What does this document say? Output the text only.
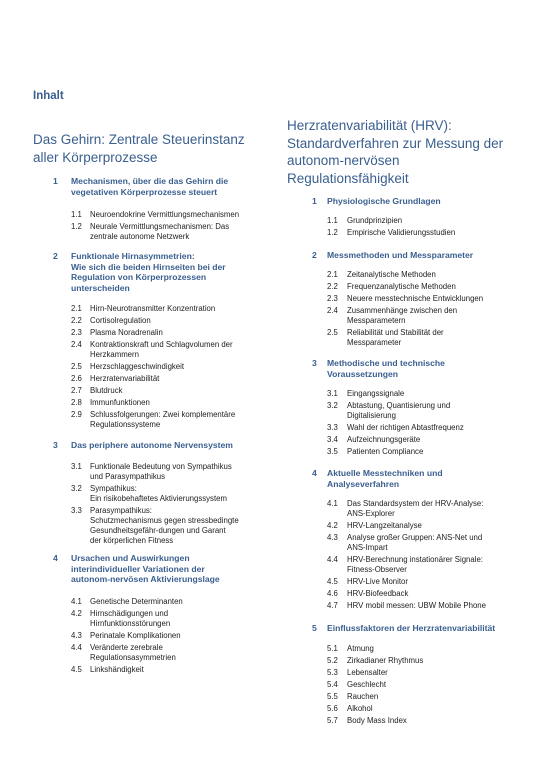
Inhalt
Das Gehirn: Zentrale Steuerinstanz aller Körperprozesse
1 Mechanismen, über die das Gehirn die
vegetativen Körperprozesse steuert
1.1 Neuroendokrine Vermittlungsmechanismen
1.2 Neurale Vermittlungsmechanismen: Das
zentrale autonome Netzwerk
2 Funktionale Hirnasymmetrien:
Wie sich die beiden Hirnseiten bei der
Regulation von Körperprozessen
unterscheiden
2.1 Hirn-Neurotransmitter Konzentration
2.2 Cortisolregulation
2.3 Plasma Noradrenalin
2.4 Kontraktionskraft und Schlagvolumen der
Herzkammern
2.5 Herzschlaggeschwindigkeit
2.6 Herzratenvariabilität
2.7 Blutdruck
2.8 Immunfunktionen
2.9 Schlussfolgerungen: Zwei komplementäre
Regulationssysteme
3 Das periphere autonome Nervensystem
3.1 Funktionale Bedeutung von Sympathikus
und Parasympathikus
3.2 Sympathikus:
Ein risikobehaftetes Aktivierungssystem
3.3 Parasympathikus:
Schutzmechanismus gegen stressbedingte
Gesundheitsgefähr-dungen und Garant
der körperlichen Fitness
4 Ursachen und Auswirkungen
interindividueller Variationen der
autonom-nervösen Aktivierungslage
4.1 Genetische Determinanten
4.2 Hirnschädigungen und
Hirnfunktionsstörungen
4.3 Perinatale Komplikationen
4.4 Veränderte zerebrale
Regulationsasymmetrien
4.5 Linkshändigkeit
Herzratenvariabilität (HRV): Standardverfahren zur Messung der autonom-nervösen Regulationsfähigkeit
1 Physiologische Grundlagen
1.1 Grundprinzipien
1.2 Empirische Validierungsstudien
2 Messmethoden und Messparameter
2.1 Zeitanalytische Methoden
2.2 Frequenzanalytische Methoden
2.3 Neuere messtechnische Entwicklungen
2.4 Zusammenhänge zwischen den
Messparametern
2.5 Reliabilität und Stabilität der
Messparameter
3 Methodische und technische
Voraussetzungen
3.1 Eingangssignale
3.2 Abtastung, Quantisierung und
Digitalisierung
3.3 Wahl der richtigen Abtastfrequenz
3.4 Aufzeichnungsgeräte
3.5 Patienten Compliance
4 Aktuelle Messtechniken und
Analyseverfahren
4.1 Das Standardsystem der HRV-Analyse:
ANS-Explorer
4.2 HRV-Langzeitanalyse
4.3 Analyse großer Gruppen: ANS-Net und
ANS-Impart
4.4 HRV-Berechnung instationärer Signale:
Fitness-Observer
4.5 HRV-Live Monitor
4.6 HRV-Biofeedback
4.7 HRV mobil messen: UBW Mobile Phone
5 Einflussfaktoren der Herzratenvariabilität
5.1 Atmung
5.2 Zirkadianer Rhythmus
5.3 Lebensalter
5.4 Geschlecht
5.5 Rauchen
5.6 Alkohol
5.7 Body Mass Index
